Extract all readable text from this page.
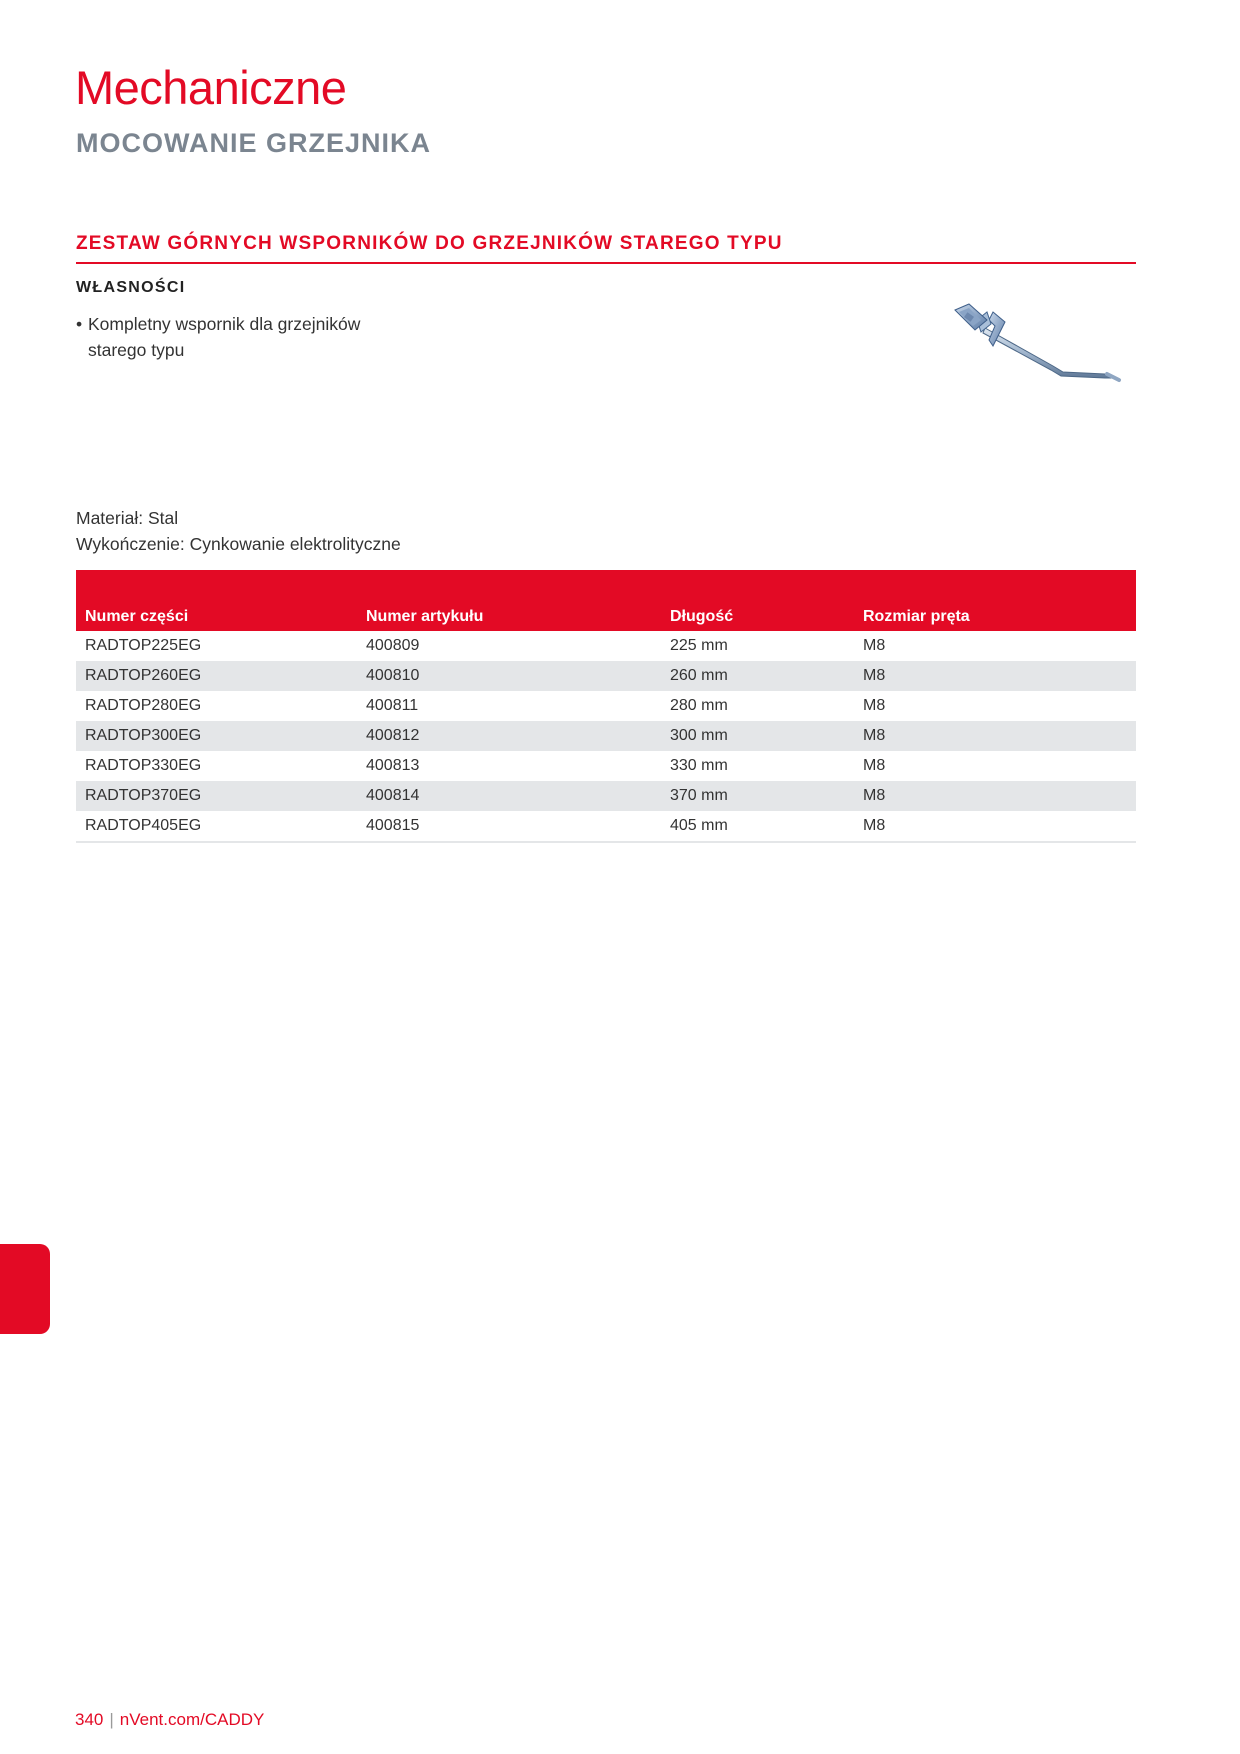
Mechaniczne
MOCOWANIE GRZEJNIKA
ZESTAW GÓRNYCH WSPORNIKÓW DO GRZEJNIKÓW STAREGO TYPU
WŁASNOŚCI
• Kompletny wspornik dla grzejników starego typu
Materiał: Stal
Wykończenie: Cynkowanie elektrolityczne
Numer części	Numer artykułu	Długość	Rozmiar pręta
RADTOP225EG	400809	225 mm	M8
RADTOP260EG	400810	260 mm	M8
RADTOP280EG	400811	280 mm	M8
RADTOP300EG	400812	300 mm	M8
RADTOP330EG	400813	330 mm	M8
RADTOP370EG	400814	370 mm	M8
RADTOP405EG	400815	405 mm	M8
340 | nVent.com/CADDY
